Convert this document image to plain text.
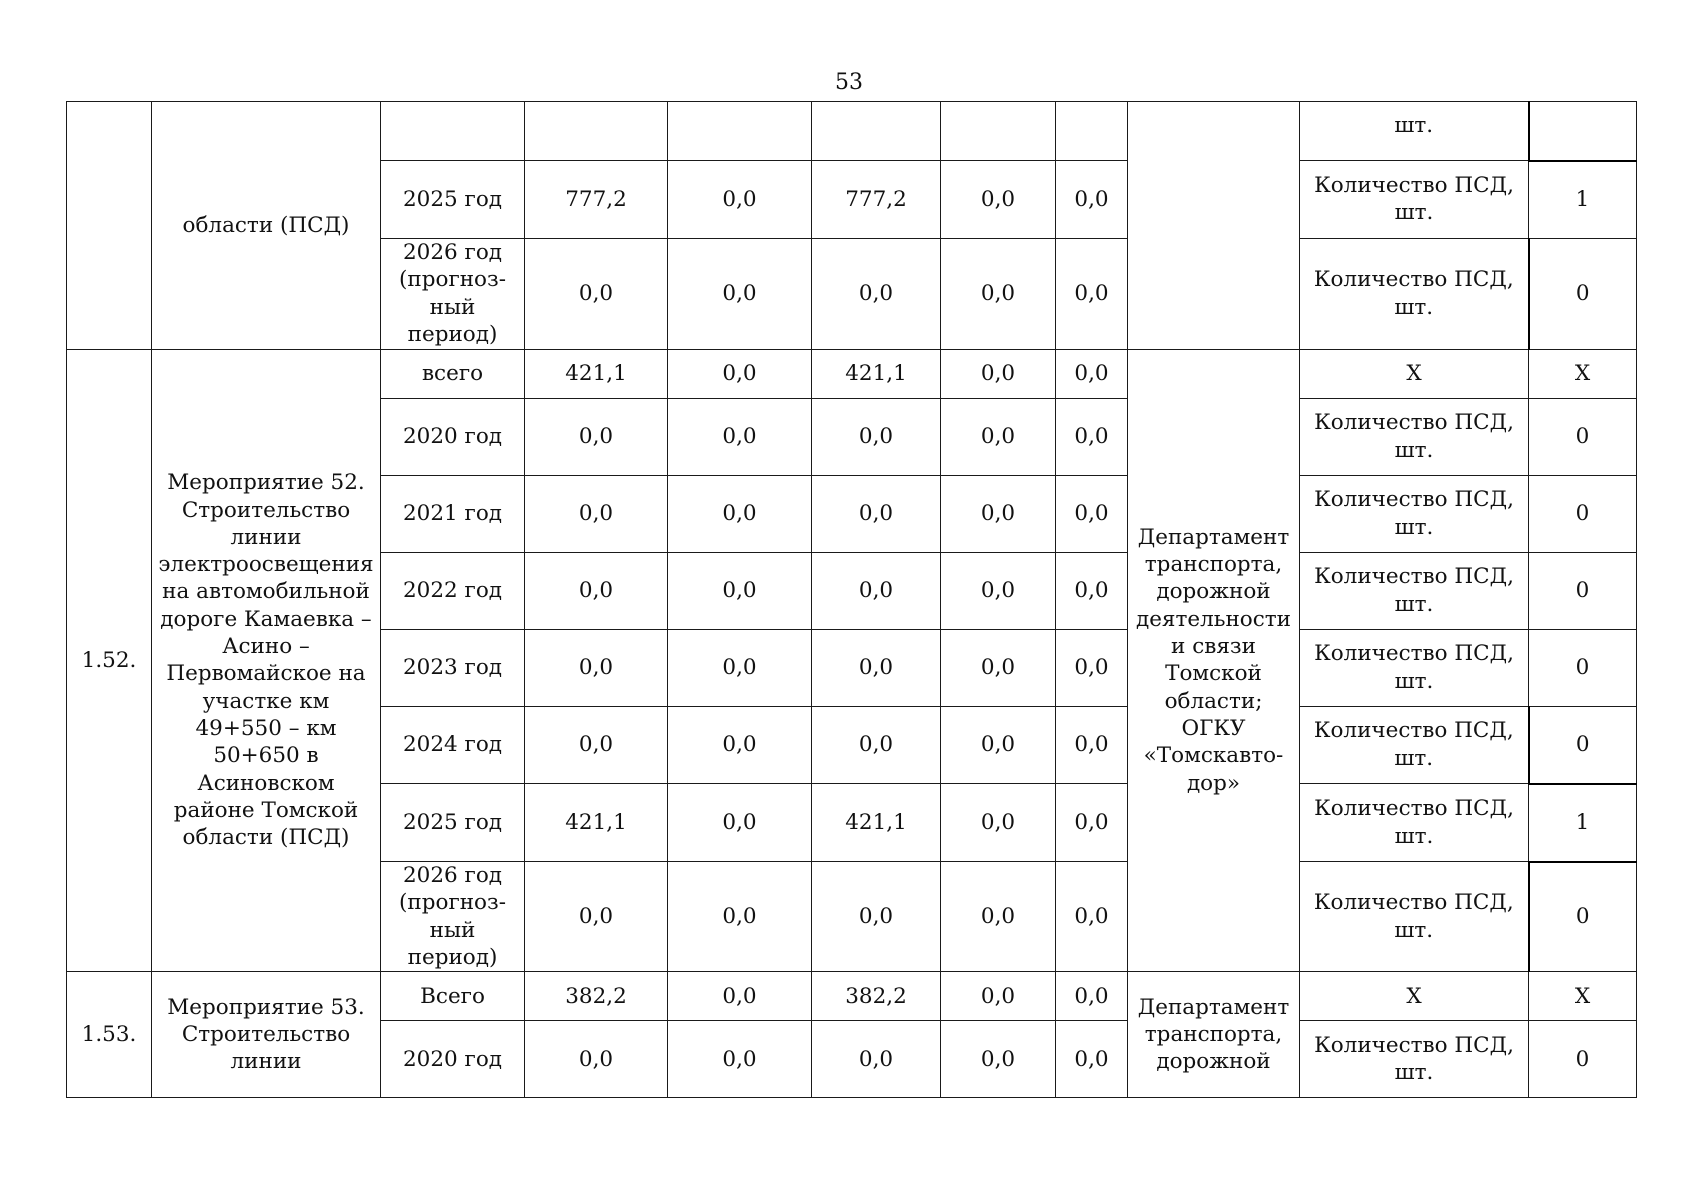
53
	области (ПСД)								шт.	
		2025 год	777,2	0,0	777,2	0,0	0,0		Количество ПСД, шт.	1
		2026 год (прогноз-ный период)	0,0	0,0	0,0	0,0	0,0		Количество ПСД, шт.	0
1.52.	Мероприятие 52. Строительство линии электроосвещения на автомобильной дороге Камаевка – Асино – Первомайское на участке км 49+550 – км 50+650 в Асиновском районе Томской области (ПСД)	всего	421,1	0,0	421,1	0,0	0,0	Департамент транспорта, дорожной деятельности и связи Томской области; ОГКУ «Томскавто-дор»	Х	Х
		2020 год	0,0	0,0	0,0	0,0	0,0		Количество ПСД, шт.	0
		2021 год	0,0	0,0	0,0	0,0	0,0		Количество ПСД, шт.	0
		2022 год	0,0	0,0	0,0	0,0	0,0		Количество ПСД, шт.	0
		2023 год	0,0	0,0	0,0	0,0	0,0		Количество ПСД, шт.	0
		2024 год	0,0	0,0	0,0	0,0	0,0		Количество ПСД, шт.	0
		2025 год	421,1	0,0	421,1	0,0	0,0		Количество ПСД, шт.	1
		2026 год (прогноз-ный период)	0,0	0,0	0,0	0,0	0,0		Количество ПСД, шт.	0
1.53.	Мероприятие 53. Строительство линии	Всего	382,2	0,0	382,2	0,0	0,0	Департамент транспорта, дорожной	Х	Х
		2020 год	0,0	0,0	0,0	0,0	0,0		Количество ПСД, шт.	0
